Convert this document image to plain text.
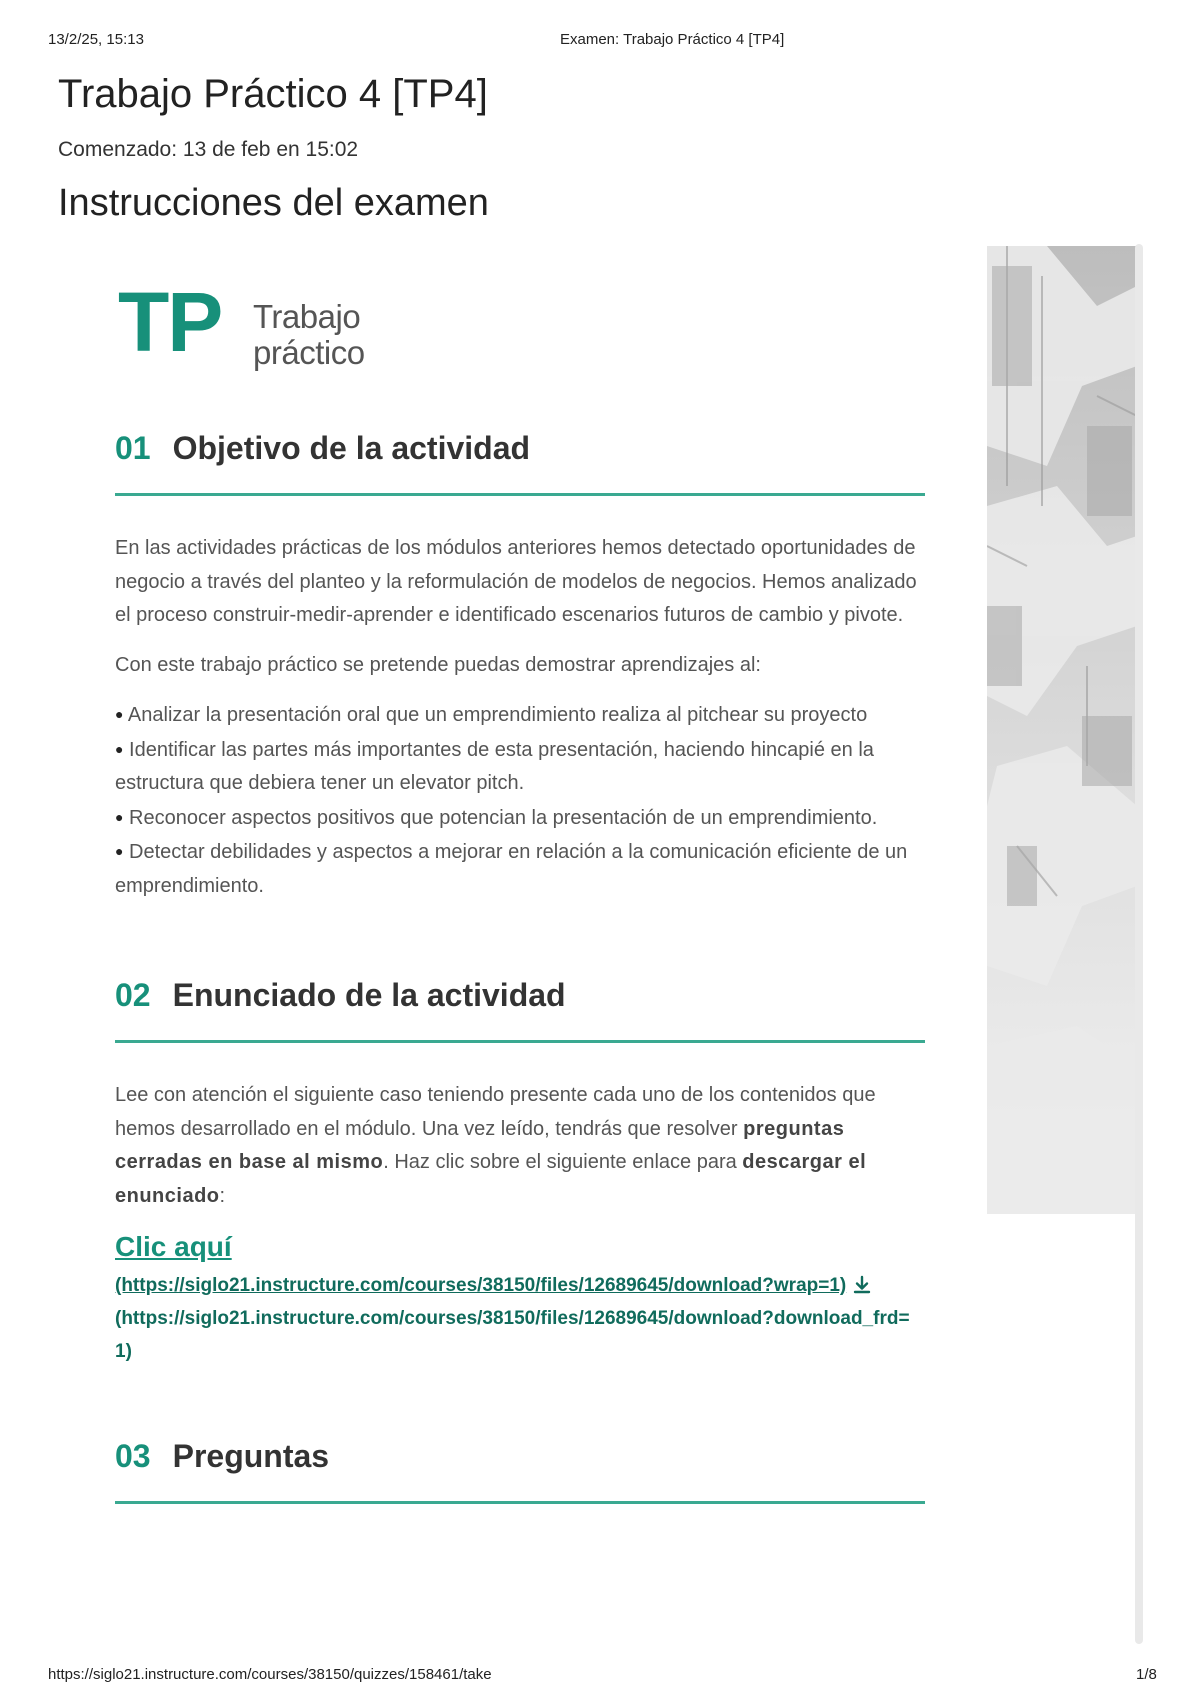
13/2/25, 15:13	Examen: Trabajo Práctico 4 [TP4]
Trabajo Práctico 4 [TP4]
Comenzado: 13 de feb en 15:02
Instrucciones del examen
TP Trabajo
práctico
01 Objetivo de la actividad

En las actividades prácticas de los módulos anteriores hemos detectado oportunidades de negocio a través del planteo y la reformulación de modelos de negocios. Hemos analizado el proceso construir-medir-aprender e identificado escenarios futuros de cambio y pivote.

Con este trabajo práctico se pretende puedas demostrar aprendizajes al:

● Analizar la presentación oral que un emprendimiento realiza al pitchear su proyecto
● Identificar las partes más importantes de esta presentación, haciendo hincapié en la estructura que debiera tener un elevator pitch.
● Reconocer aspectos positivos que potencian la presentación de un emprendimiento.
● Detectar debilidades y aspectos a mejorar en relación a la comunicación eficiente de un emprendimiento.
02 Enunciado de la actividad
Lee con atención el siguiente caso teniendo presente cada uno de los contenidos que hemos desarrollado en el módulo. Una vez leído, tendrás que resolver preguntas cerradas en base al mismo. Haz clic sobre el siguiente enlace para descargar el enunciado:
Clic aquí
(https://siglo21.instructure.com/courses/38150/files/12689645/download?wrap=1)
(https://siglo21.instructure.com/courses/38150/files/12689645/download?download_frd=1)
03 Preguntas
https://siglo21.instructure.com/courses/38150/quizzes/158461/take	1/8
